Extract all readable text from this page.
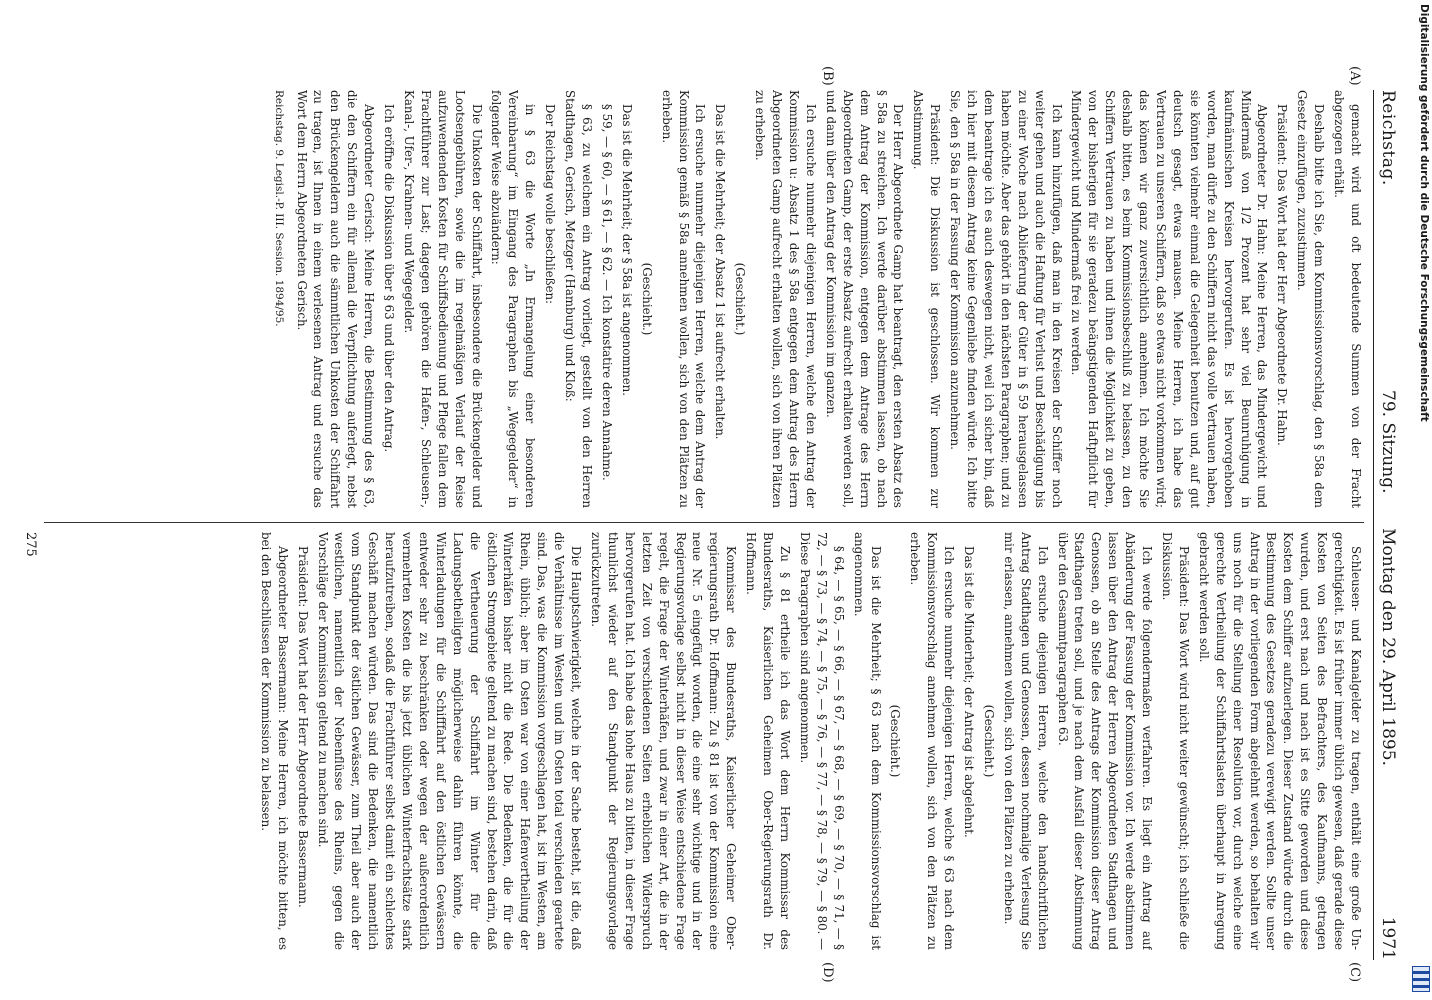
Reichstag.
79. Sitzung.
Montag den 29. April 1895.  1971
(A)
(B)
(C)
(D)

gemacht wird und oft bedeutende Summen von der Fracht abgezogen erhält.

Deshalb bitte ich Sie, dem Kommissionsvorschlag, den § 58a dem Gesetz einzufügen, zuzustimmen.

Präsident: Das Wort hat der Herr Abgeordnete Dr. Hahn.

Abgeordneter Dr. Hahn: Meine Herren, das Mindergewicht und Mindermaß von 1/2 Prozent hat sehr viel Beunruhigung in kaufmännischen Kreisen hervorgerufen. Es ist hervorgehoben worden, man dürfe zu den Schiffern nicht das volle Vertrauen haben, sie könnten vielmehr einmal die Gelegenheit benutzen und, auf gut deutsch gesagt, etwas mausen. Meine Herren, ich habe das Vertrauen zu unseren Schiffern, daß so etwas nicht vorkommen wird; das können wir ganz zuversichtlich annehmen. Ich möchte Sie deshalb bitten, es beim Kommissionsbeschluß zu belassen, zu den Schiffern Vertrauen zu haben und ihnen die Möglichkeit zu geben, von der bisherigen für sie geradezu beängstigenden Haftpflicht für Mindergewicht und Mindermaß frei zu werden.

Ich kann hinzufügen, daß man in den Kreisen der Schiffer noch weiter gehen und auch die Haftung für Verlust und Beschädigung bis zu einer Woche nach Ablieferung der Güter in § 59 herausgelassen haben möchte. Aber das gehört in den nächsten Paragraphen; und zu dem beantrage ich es auch deswegen nicht, weil ich sicher bin, daß ich hier mit diesem Antrag keine Gegenliebe finden würde. Ich bitte Sie, den § 58a in der Fassung der Kommission anzunehmen.

Präsident: Die Diskussion ist geschlossen. Wir kommen zur Abstimmung.

Der Herr Abgeordnete Gamp hat beantragt, den ersten Absatz des § 58a zu streichen. Ich werde darüber abstimmen lassen, ob nach dem Antrag der Kommission, entgegen dem Antrage des Herrn Abgeordneten Gamp, der erste Absatz aufrecht erhalten werden soll, und dann über den Antrag der Kommission im ganzen.

Ich ersuche nunmehr diejenigen Herren, welche den Antrag der Kommission u: Absatz 1 des § 58a entgegen dem Antrag des Herrn Abgeordneten Gamp aufrecht erhalten wollen, sich von ihren Plätzen zu erheben.

(Geschieht.)

Das ist die Mehrheit; der Absatz 1 ist aufrecht erhalten.

Ich ersuche nunmehr diejenigen Herren, welche dem Antrag der Kommission gemäß § 58a annehmen wollen, sich von den Plätzen zu erheben.

(Geschieht.)

Das ist die Mehrheit; der § 58a ist angenommen.

§ 59, — § 60, — § 61, — § 62. — Ich konstatire deren Annahme.

§ 63, zu welchem ein Antrag vorliegt, gestellt von den Herren Stadthagen, Gerisch, Metzger (Hamburg) und Kloß:

Der Reichstag wolle beschließen:

in § 63 die Worte „In Ermangelung einer besonderen Vereinbarung“ im Eingang des Paragraphen bis „Wegegelder“ in folgender Weise abzuändern:

Die Unkosten der Schiffahrt, insbesondere die Brückengelder und Lootsengebühren, sowie die im regelmäßigen Verlauf der Reise aufzuwendenden Kosten für Schiffsbedienung und Pflege fallen dem Frachtführer zur Last; dagegen gehören die Hafen-, Schleusen-, Kanal-, Ufer-, Krahnen- und Wegegelder.

Ich eröffne die Diskussion über § 63 und über den Antrag.

Abgeordneter Gerisch: Meine Herren, die Bestimmung des § 63, die den Schiffern ein für allemal die Verpflichtung auferlegt, nebst den Brückengeldern auch die sämmtlichen Unkosten der Schiffahrt zu tragen, ist Ihnen in einem verlesenen Antrag und ersuche das Wort dem Herrn Abgeordneten Gerisch.

Reichstag. 9. Legisl.-P. III. Session. 1894/95.

Schleusen- und Kanalgelder zu tragen, enthält eine große Ungerechtigkeit. Es ist früher immer üblich gewesen, daß gerade diese Kosten von Seiten des Befrachters, des Kaufmanns, getragen wurden, und erst nach und nach ist es Sitte geworden und diese Kosten dem Schiffer aufzuerlegen. Dieser Zustand würde durch die Bestimmung des Gesetzes geradezu verewigt werden. Sollte unser Antrag in der vorliegenden Form abgelehnt werden, so behalten wir uns noch für die Stellung einer Resolution vor, durch welche eine gerechte Vertheilung der Schiffahrtslasten überhaupt in Anregung gebracht werden soll.

Präsident: Das Wort wird nicht weiter gewünscht; ich schließe die Diskussion.

Ich werde folgendermaßen verfahren. Es liegt ein Antrag auf Abänderung der Fassung der Kommission vor. Ich werde abstimmen lassen über den Antrag der Herren Abgeordneten Stadthagen und Genossen, ob an Stelle des Antrags der Kommission dieser Antrag Stadthagen treten soll, und je nach dem Ausfall dieser Abstimmung über den Gesammtparagraphen 63.

Ich ersuche diejenigen Herren, welche den handschriftlichen Antrag Stadthagen und Genossen, dessen nochmalige Verlesung Sie mir erlassen, annehmen wollen, sich von den Plätzen zu erheben.

(Geschieht.)

Das ist die Minderheit; der Antrag ist abgelehnt.

Ich ersuche nunmehr diejenigen Herren, welche § 63 nach dem Kommissionsvorschlag annehmen wollen, sich von den Plätzen zu erheben.

(Geschieht.)

Das ist die Mehrheit; § 63 nach dem Kommissionsvorschlag ist angenommen.

§ 64, — § 65, — § 66, — § 67, — § 68, — § 69, — § 70, — § 71, — § 72, — § 73, — § 74, — § 75, — § 76, — § 77, — § 78, — § 79, — § 80. — Diese Paragraphen sind angenommen.

Zu § 81 ertheile ich das Wort dem Herrn Kommissar des Bundesraths, Kaiserlichen Geheimen Ober-Regierungsrath Dr. Hoffmann.

Kommissar des Bundesraths, Kaiserlicher Geheimer Oberregierungsrath Dr. Hoffmann: Zu § 81 ist von der Kommission eine neue Nr. 5 eingefügt worden, die eine sehr wichtige und in der Regierungsvorlage selbst nicht in dieser Weise entschiedene Frage regelt, die Frage der Winterhäfen, und zwar in einer Art, die in der letzten Zeit von verschiedenen Seiten erheblichen Widerspruch hervorgerufen hat. Ich habe das hohe Haus zu bitten, in dieser Frage thunlichst wieder auf den Standpunkt der Regierungsvorlage zurückzutreten.

Die Hauptschwierigkeit, welche in der Sache besteht, ist die, daß die Verhältnisse im Westen und im Osten total verschieden geartete sind. Das, was die Kommission vorgeschlagen hat, ist im Westen, am Rhein, üblich; aber im Osten war von einer Hafenvertheilung der Winterhäfen bisher nicht die Rede. Die Bedenken, die für die östlichen Stromgebiete geltend zu machen sind, bestehen darin, daß die Vertheuerung der Schiffahrt im Winter für die Ladungsbetheiligten möglicherweise dahin führen könnte, die Winterladungen für die Schifffahrt auf den östlichen Gewässern entweder sehr zu beschränken oder wegen der außerordentlich vermehrten Kosten die bis jetzt üblichen Winterfrachtsätze stark heraufzutreiben, sodaß die Frachtführer selbst damit ein schlechtes Geschäft machen würden. Das sind die Bedenken, die namentlich vom Standpunkt der östlichen Gewässer, zum Theil aber auch der westlichen, namentlich der Nebenflüsse des Rheins, gegen die Vorschläge der Kommission geltend zu machen sind.

Präsident: Das Wort hat der Herr Abgeordnete Bassermann.

Abgeordneter Bassermann: Meine Herren, ich möchte bitten, es bei den Beschlüssen der Kommission zu belassen.

275
Digitalisierung gefördert durch die Deutsche Forschungsgemeinschaft
